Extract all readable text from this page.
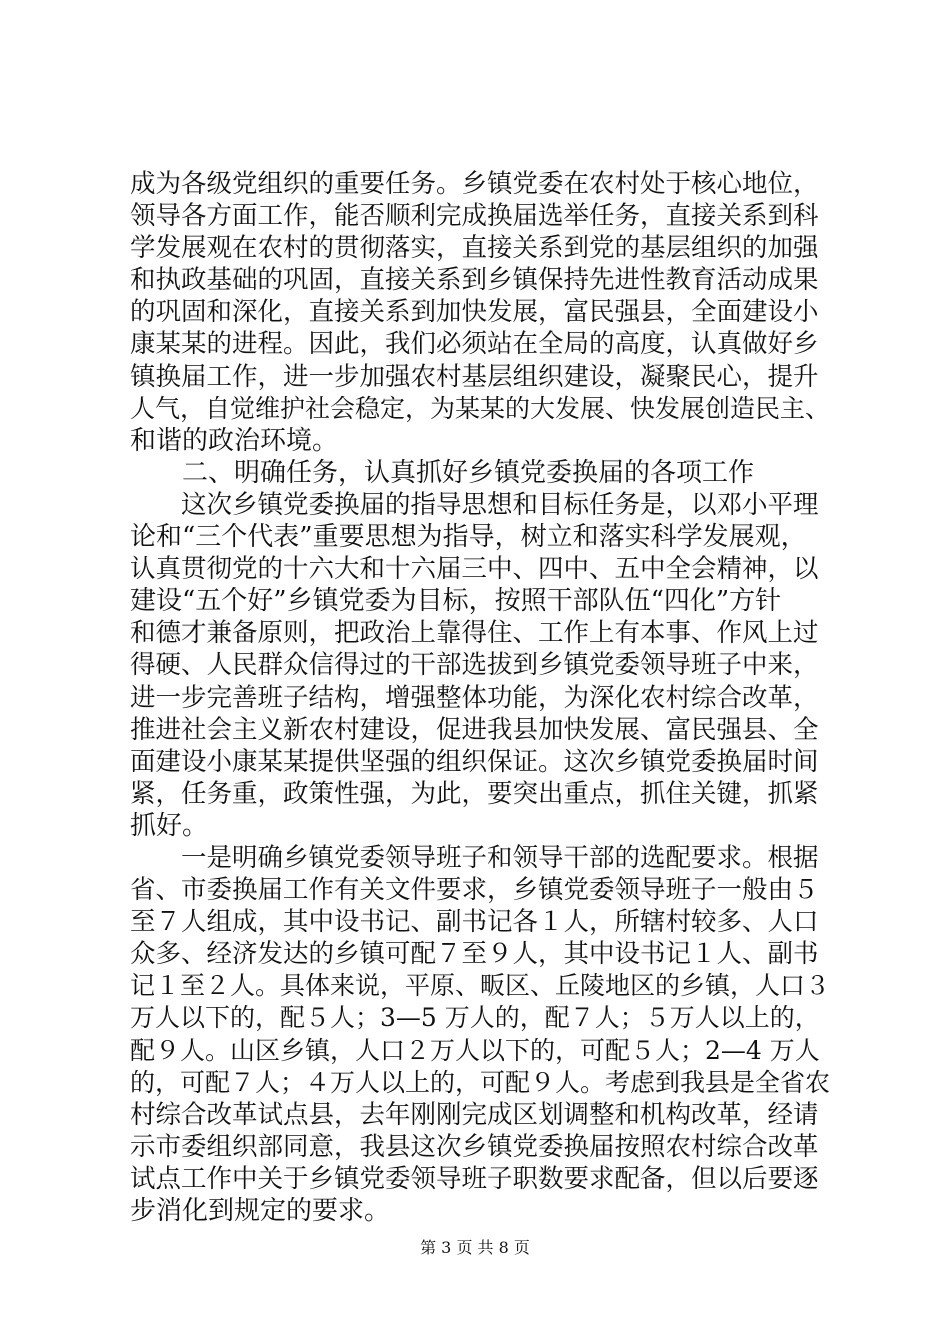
成为各级党组织的重要任务。乡镇党委在农村处于核心地位，
领导各方面工作，能否顺利完成换届选举任务，直接关系到科
学发展观在农村的贯彻落实，直接关系到党的基层组织的加强
和执政基础的巩固，直接关系到乡镇保持先进性教育活动成果
的巩固和深化，直接关系到加快发展，富民强县，全面建设小
康某某的进程。因此，我们必须站在全局的高度，认真做好乡
镇换届工作，进一步加强农村基层组织建设，凝聚民心，提升
人气，自觉维护社会稳定，为某某的大发展、快发展创造民主、
和谐的政治环境。
　　二、明确任务，认真抓好乡镇党委换届的各项工作
　　这次乡镇党委换届的指导思想和目标任务是，以邓小平理
论和“三个代表”重要思想为指导，树立和落实科学发展观，
认真贯彻党的十六大和十六届三中、四中、五中全会精神，以
建设“五个好”乡镇党委为目标，按照干部队伍“四化”方针
和德才兼备原则，把政治上靠得住、工作上有本事、作风上过
得硬、人民群众信得过的干部选拔到乡镇党委领导班子中来，
进一步完善班子结构，增强整体功能，为深化农村综合改革，
推进社会主义新农村建设，促进我县加快发展、富民强县、全
面建设小康某某提供坚强的组织保证。这次乡镇党委换届时间
紧，任务重，政策性强，为此，要突出重点，抓住关键，抓紧
抓好。
　　一是明确乡镇党委领导班子和领导干部的选配要求。根据
省、市委换届工作有关文件要求，乡镇党委领导班子一般由５
至７人组成，其中设书记、副书记各１人，所辖村较多、人口
众多、经济发达的乡镇可配７至９人，其中设书记１人、副书
记１至２人。具体来说，平原、畈区、丘陵地区的乡镇，人口３
万人以下的，配５人；3—5 万人的，配７人；５万人以上的，
配９人。山区乡镇，人口２万人以下的，可配５人；2—4 万人
的，可配７人；４万人以上的，可配９人。考虑到我县是全省农
村综合改革试点县，去年刚刚完成区划调整和机构改革，经请
示市委组织部同意，我县这次乡镇党委换届按照农村综合改革
试点工作中关于乡镇党委领导班子职数要求配备，但以后要逐
步消化到规定的要求。
第 3 页 共 8 页
